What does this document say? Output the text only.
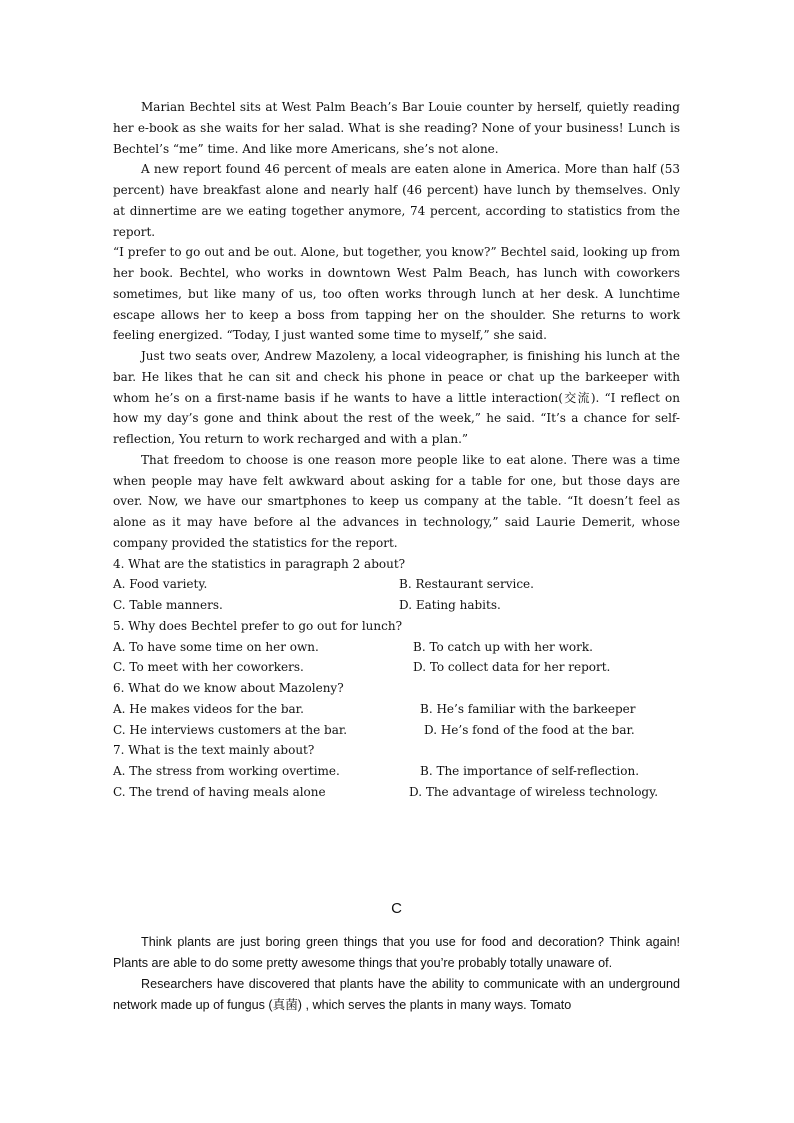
Marian Bechtel sits at West Palm Beach’s Bar Louie counter by herself, quietly reading her e-book as she waits for her salad. What is she reading? None of your business! Lunch is Bechtel’s “me” time. And like more Americans, she’s not alone.

A new report found 46 percent of meals are eaten alone in America. More than half (53 percent) have breakfast alone and nearly half (46 percent) have lunch by themselves. Only at dinnertime are we eating together anymore, 74 percent, according to statistics from the report.

“I prefer to go out and be out. Alone, but together, you know?” Bechtel said, looking up from her book. Bechtel, who works in downtown West Palm Beach, has lunch with coworkers sometimes, but like many of us, too often works through lunch at her desk. A lunchtime escape allows her to keep a boss from tapping her on the shoulder. She returns to work feeling energized. “Today, I just wanted some time to myself,” she said.

Just two seats over, Andrew Mazoleny, a local videographer, is finishing his lunch at the bar. He likes that he can sit and check his phone in peace or chat up the barkeeper with whom he’s on a first-name basis if he wants to have a little interaction(交流). “I reflect on how my day’s gone and think about the rest of the week,” he said. “It’s a chance for self-reflection, You return to work recharged and with a plan.”

That freedom to choose is one reason more people like to eat alone. There was a time when people may have felt awkward about asking for a table for one, but those days are over. Now, we have our smartphones to keep us company at the table. “It doesn’t feel as alone as it may have before al the advances in technology,” said Laurie Demerit, whose company provided the statistics for the report.

4. What are the statistics in paragraph 2 about?

A. Food variety.	B. Restaurant service.
C. Table manners.	D. Eating habits.

5. Why does Bechtel prefer to go out for lunch?

A. To have some time on her own.	B. To catch up with her work.
C. To meet with her coworkers.	D. To collect data for her report.

6. What do we know about Mazoleny?

A. He makes videos for the bar.	B. He’s familiar with the barkeeper
C. He interviews customers at the bar.	D. He’s fond of the food at the bar.

7. What is the text mainly about?

A. The stress from working overtime.	B. The importance of self-reflection.
C. The trend of having meals alone	D. The advantage of wireless technology.

C

Think plants are just boring green things that you use for food and decoration? Think again! Plants are able to do some pretty awesome things that you’re probably totally unaware of.

Researchers have discovered that plants have the ability to communicate with an underground network made up of fungus (真菌) , which serves the plants in many ways. Tomato
